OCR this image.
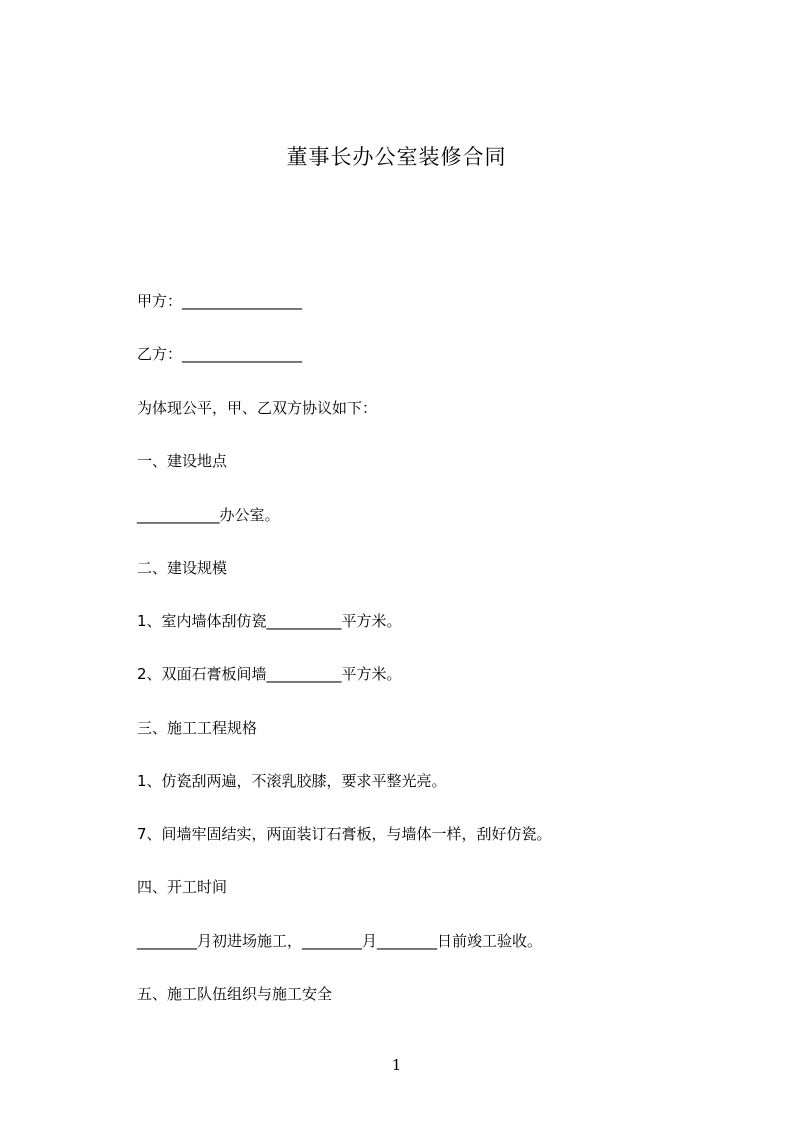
董事长办公室装修合同
甲方：________________
乙方：________________
为体现公平，甲、乙双方协议如下：
一、建设地点
___________办公室。
二、建设规模
1、室内墙体刮仿瓷__________平方米。
2、双面石膏板间墙__________平方米。
三、施工工程规格
1、仿瓷刮两遍，不滚乳胶膝，要求平整光亮。
7、间墙牢固结实，两面装订石膏板，与墙体一样，刮好仿瓷。
四、开工时间
________月初进场施工，________月________日前竣工验收。
五、施工队伍组织与施工安全
1
